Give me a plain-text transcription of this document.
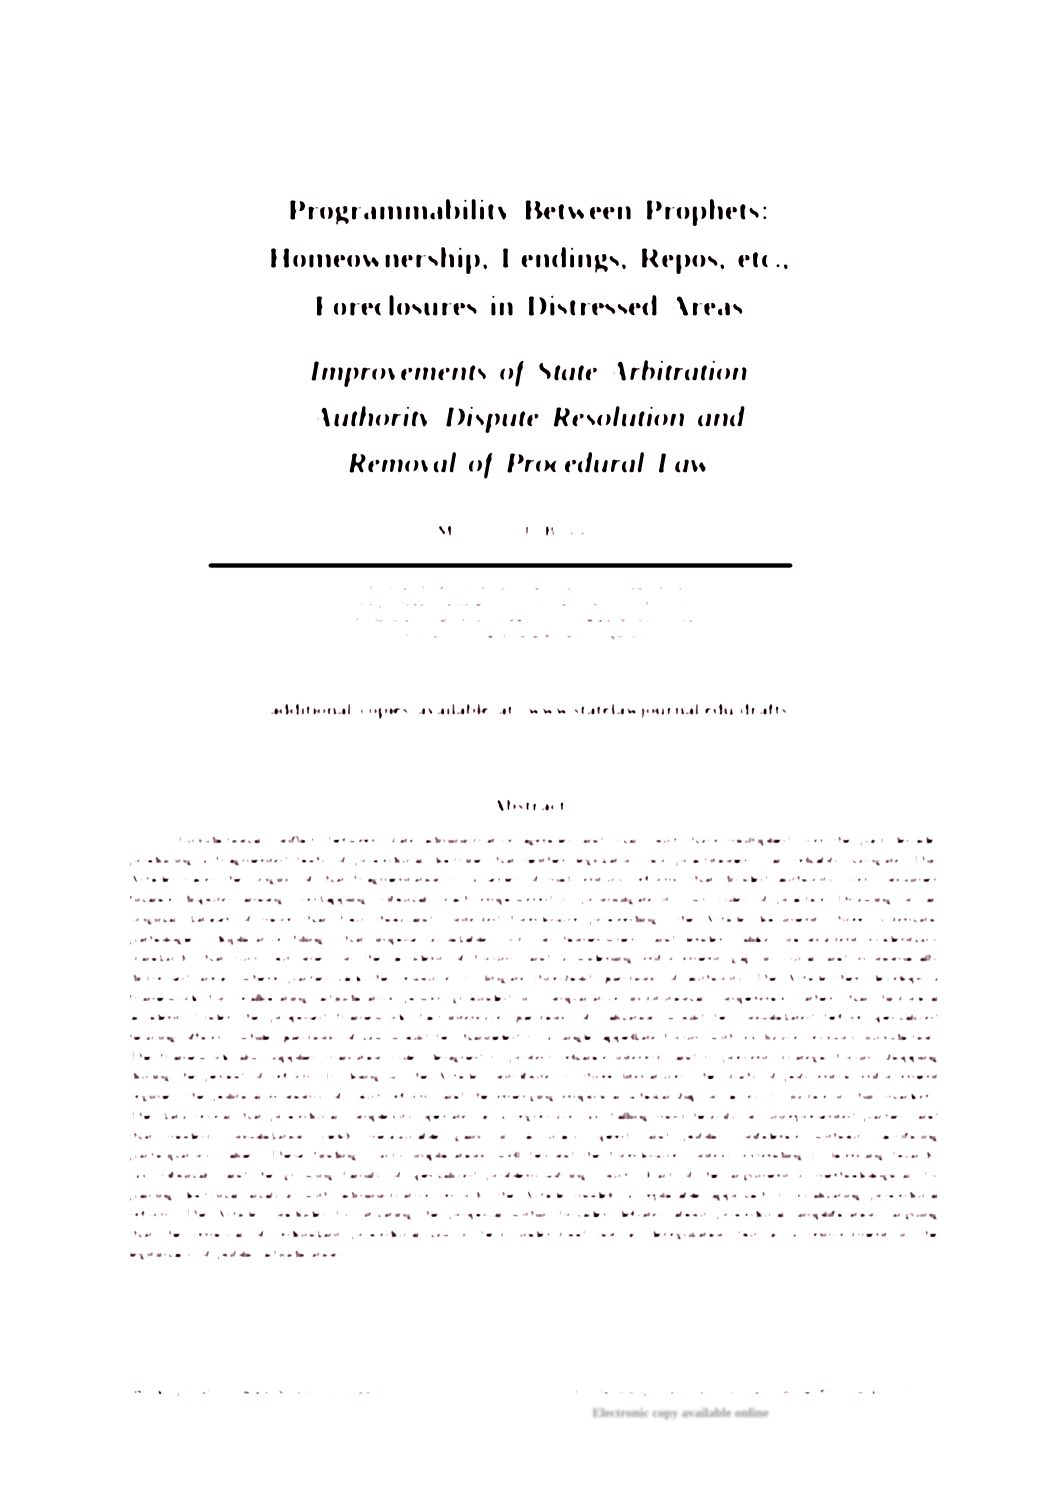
Programmability Between Prophets:
Homeownership, Lendings, Repos, etc.,
Foreclosures in Distressed Areas
Improvements of State Arbitration
Authority Dispute Resolution and
Removal of Procedural Law
Michael J. Barrett
Associate Professor of Law, State University School of Law
(Visiting Scholar, National Center for State Courts, 2018–2019 Term)
Preliminary draft of September 2019 — please do not circulate
Prepared for the Annual Review Symposium
additional copies available at: www.statelawjournal.edu/drafts
Abstract
Jurisdictional conflicts between state administrative agencies and trial courts have multiplied over the past decade, producing a fragmented body of procedural doctrine that neither legislators nor practitioners can reliably navigate. This Article traces the origins of that fragmentation to a series of mid-century reforms that divided authority over consumer finance disputes among overlapping tribunals, each empowered to promulgate its own rules of practice. Drawing on an original dataset of more than four thousand contested foreclosure proceedings, the Article documents three systematic pathologies: duplicative filings that impose avoidable costs on homeowners and lenders alike; inconsistent evidentiary standards that turn outcomes on the accident of forum; and a widening enforcement gap in rural and economically distressed areas, where parties lack the resources to litigate threshold questions of authority. The Article then develops a framework for reallocating adjudicative power grounded in comparative institutional competence rather than historical accident. Under the proposed framework, fact-intensive questions of valuation would be consolidated before specialized hearing officers, while questions of law would be channeled to a single appellate forum with exclusive revisory jurisdiction. The framework also supplies transition rules designed to protect reliance interests and to prevent strategic forum shopping during the period of reform. In doing so, the Article contributes to three literatures: the study of polycentric enforcement regimes, the political economy of court reform, and the emerging empirical scholarship on access to justice in thin markets. The data reveal that procedural complexity operates as a regressive tax, falling most heavily on unrepresented parties, and that modest consolidation yields measurable gains in accuracy, speed, and public confidence without sacrificing participatory values. These findings carry implications well beyond the foreclosure context, extending to licensing boards, tax tribunals, and the growing family of specialized problem-solving courts. Part of the argument is methodological: by pairing doctrinal analysis with administrative records, the Article models a replicable approach to evaluating procedural reform. The Article concludes by situating the proposal within broader debates about procedural simplification, arguing that the removal of redundant procedural law is best understood not as deregulation but as a reinvestment in the legitimacy of public adjudication.
Working draft — please do not cite or quote	Forthcoming, State Law Journal, Volume 99, Issue 4 (2019)
Electronic copy available online
